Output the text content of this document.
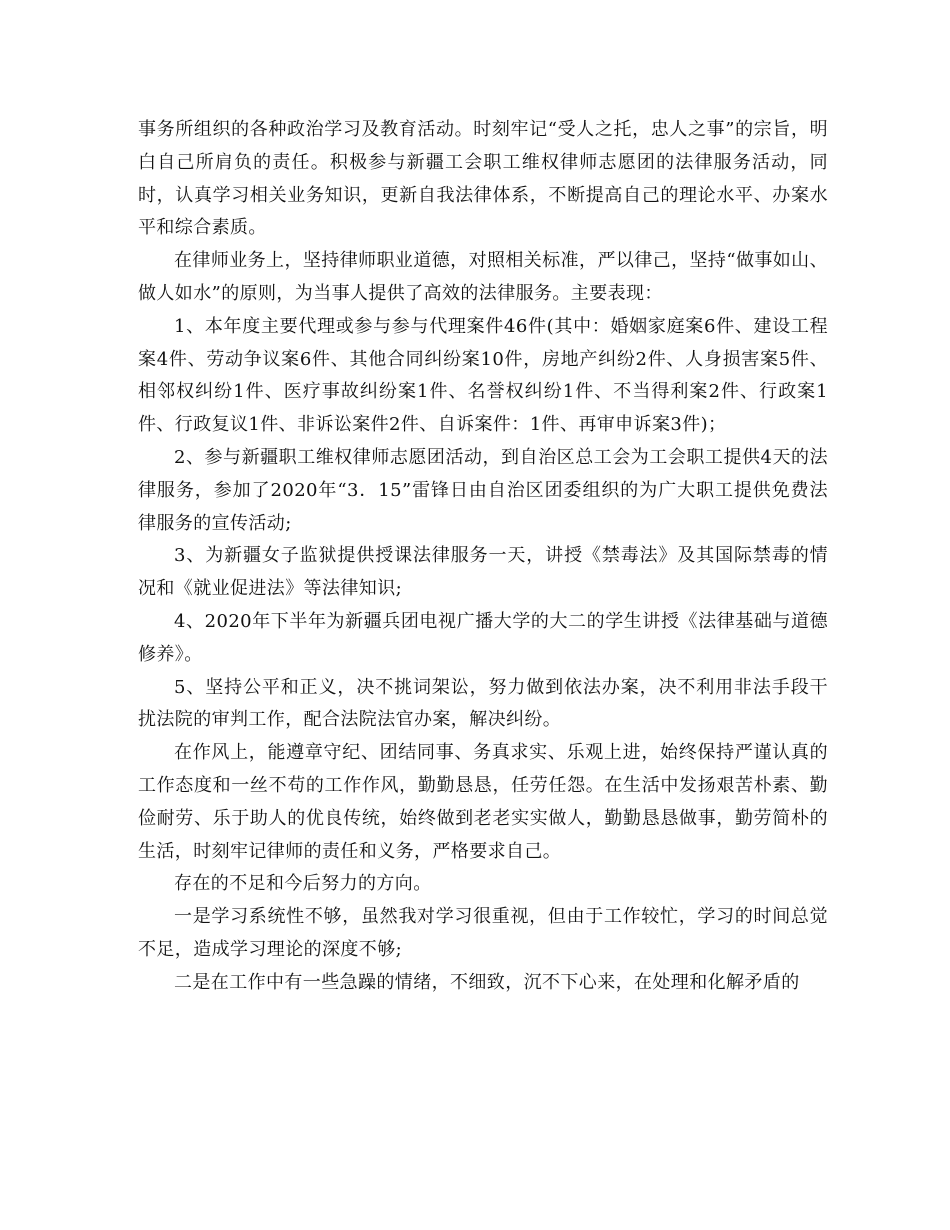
事务所组织的各种政治学习及教育活动。时刻牢记“受人之托，忠人之事”的宗旨，明白自己所肩负的责任。积极参与新疆工会职工维权律师志愿团的法律服务活动，同时，认真学习相关业务知识，更新自我法律体系，不断提高自己的理论水平、办案水平和综合素质。

在律师业务上，坚持律师职业道德，对照相关标准，严以律己，坚持“做事如山、做人如水”的原则，为当事人提供了高效的法律服务。主要表现：

1、本年度主要代理或参与参与代理案件46件(其中：婚姻家庭案6件、建设工程案4件、劳动争议案6件、其他合同纠纷案10件，房地产纠纷2件、人身损害案5件、相邻权纠纷1件、医疗事故纠纷案1件、名誉权纠纷1件、不当得利案2件、行政案1件、行政复议1件、非诉讼案件2件、自诉案件：1件、再审申诉案3件)；

2、参与新疆职工维权律师志愿团活动，到自治区总工会为工会职工提供4天的法律服务，参加了2020年“3．15”雷锋日由自治区团委组织的为广大职工提供免费法律服务的宣传活动;

3、为新疆女子监狱提供授课法律服务一天，讲授《禁毒法》及其国际禁毒的情况和《就业促进法》等法律知识;

4、2020年下半年为新疆兵团电视广播大学的大二的学生讲授《法律基础与道德修养》。

5、坚持公平和正义，决不挑词架讼，努力做到依法办案，决不利用非法手段干扰法院的审判工作，配合法院法官办案，解决纠纷。

在作风上，能遵章守纪、团结同事、务真求实、乐观上进，始终保持严谨认真的工作态度和一丝不苟的工作作风，勤勤恳恳，任劳任怨。在生活中发扬艰苦朴素、勤俭耐劳、乐于助人的优良传统，始终做到老老实实做人，勤勤恳恳做事，勤劳简朴的生活，时刻牢记律师的责任和义务，严格要求自己。

存在的不足和今后努力的方向。

一是学习系统性不够，虽然我对学习很重视，但由于工作较忙，学习的时间总觉不足，造成学习理论的深度不够;

二是在工作中有一些急躁的情绪，不细致，沉不下心来，在处理和化解矛盾的
